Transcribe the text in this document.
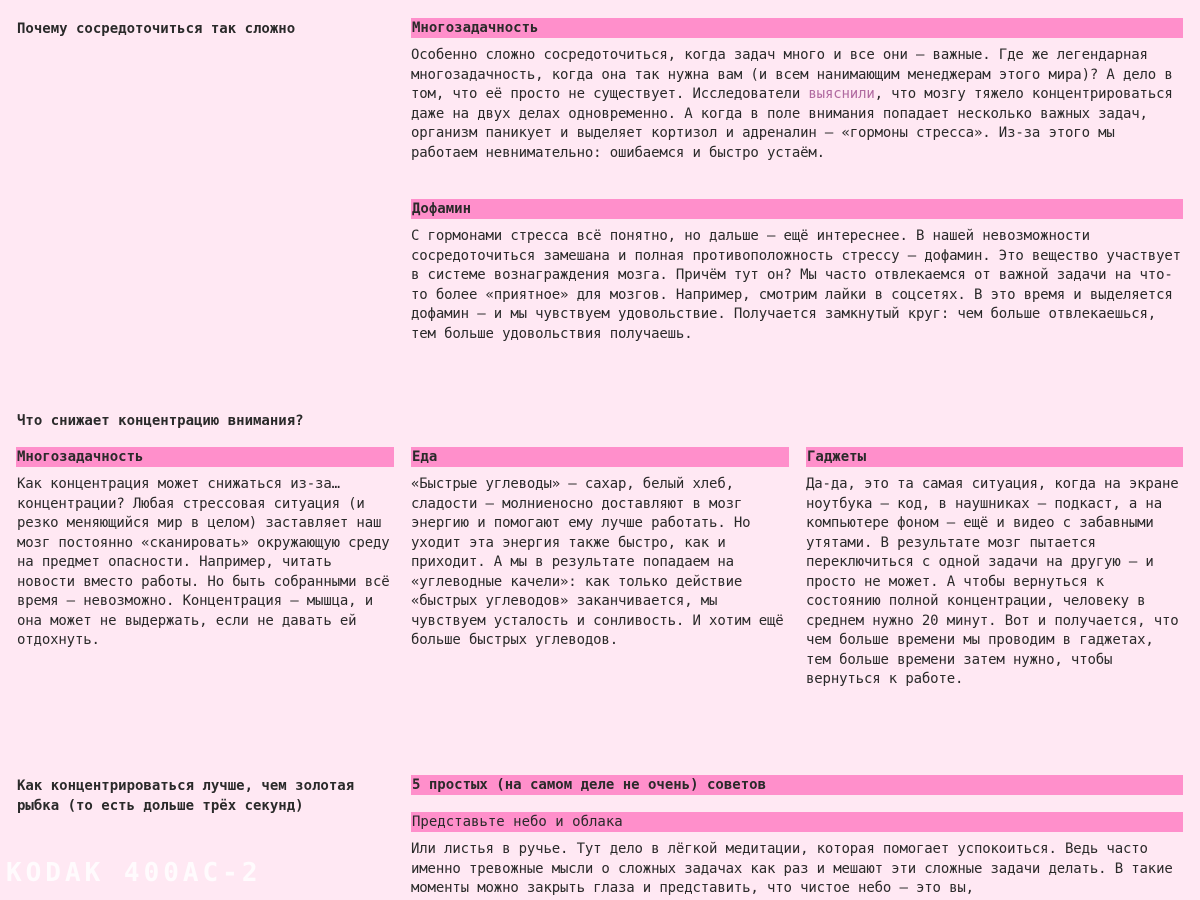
Почему сосредоточиться так сложно	Многозадачность

Особенно сложно сосредоточиться, когда задач много и все они — важные. Где же легендарная многозадачность, когда она так нужна вам (и всем нанимающим менеджерам этого мира)? А дело в том, что её просто не существует. Исследователи выяснили, что мозгу тяжело концентрироваться даже на двух делах одновременно. А когда в поле внимания попадает несколько важных задач, организм паникует и выделяет кортизол и адреналин — «гормоны стресса». Из-за этого мы работаем невнимательно: ошибаемся и быстро устаём.

Дофамин

С гормонами стресса всё понятно, но дальше — ещё интереснее. В нашей невозможности сосредоточиться замешана и полная противоположность стрессу — дофамин. Это вещество участвует в системе вознаграждения мозга. Причём тут он? Мы часто отвлекаемся от важной задачи на что-то более «приятное» для мозгов. Например, смотрим лайки в соцсетях. В это время и выделяется дофамин — и мы чувствуем удовольствие. Получается замкнутый круг: чем больше отвлекаешься, тем больше удовольствия получаешь.

Что снижает концентрацию внимания?
Многозадачность

Как концентрация может снижаться из-за… концентрации? Любая стрессовая ситуация (и резко меняющийся мир в целом) заставляет наш мозг постоянно «сканировать» окружающую среду на предмет опасности. Например, читать новости вместо работы. Но быть собранными всё время — невозможно. Концентрация — мышца, и она может не выдержать, если не давать ей отдохнуть.

Еда

«Быстрые углеводы» — сахар, белый хлеб, сладости — молниеносно доставляют в мозг энергию и помогают ему лучше работать. Но уходит эта энергия также быстро, как и приходит. А мы в результате попадаем на «углеводные качели»: как только действие «быстрых углеводов» заканчивается, мы чувствуем усталость и сонливость. И хотим ещё больше быстрых углеводов.

Гаджеты

Да-да, это та самая ситуация, когда на экране ноутбука — код, в наушниках — подкаст, а на компьютере фоном — ещё и видео с забавными утятами. В результате мозг пытается переключиться с одной задачи на другую — и просто не может. А чтобы вернуться к состоянию полной концентрации, человеку в среднем нужно 20 минут. Вот и получается, что чем больше времени мы проводим в гаджетах, тем больше времени затем нужно, чтобы вернуться к работе.

Как концентрироваться лучше, чем золотая рыбка (то есть дольше трёх секунд)
5 простых (на самом деле не очень) советов
Представьте небо и облака

Или листья в ручье. Тут дело в лёгкой медитации, которая помогает успокоиться. Ведь часто именно тревожные мысли о сложных задачах как раз и мешают эти сложные задачи делать. В такие моменты можно закрыть глаза и представить, что чистое небо — это вы,

KODAK 400AC-2
